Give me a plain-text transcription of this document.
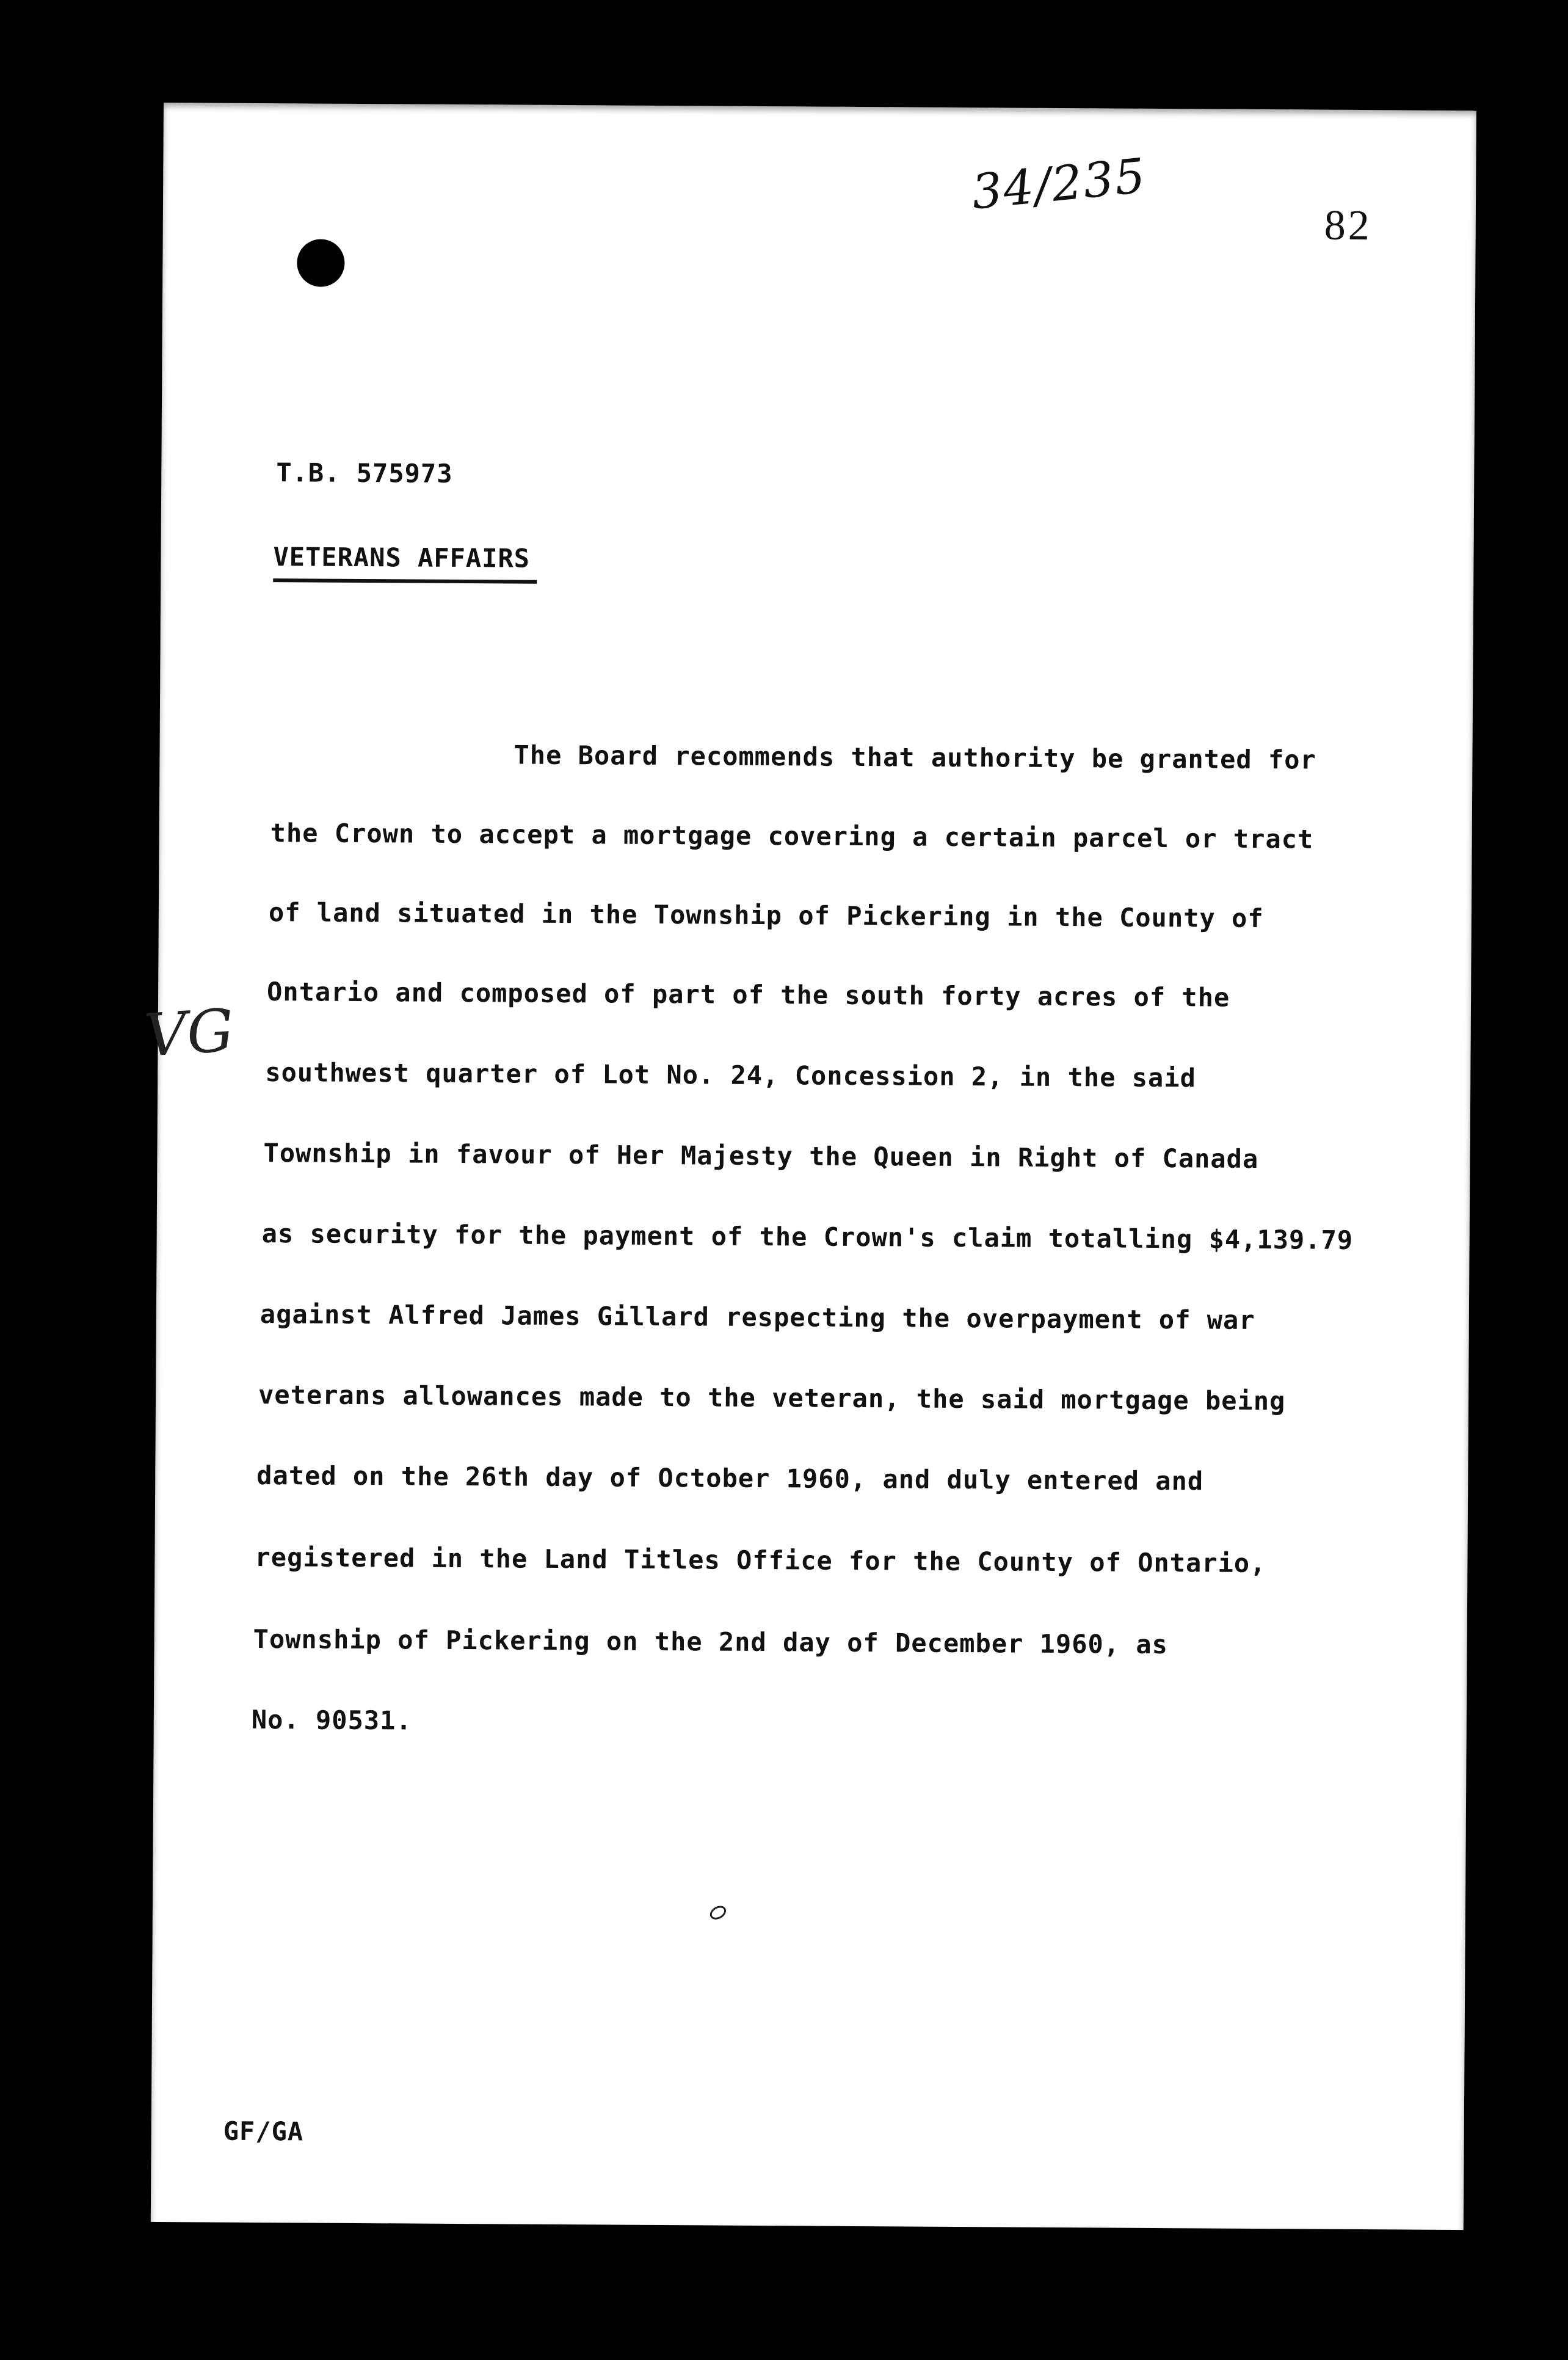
34/235
82
T.B. 575973
VETERANS AFFAIRS
The Board recommends that authority be granted for
the Crown to accept a mortgage covering a certain parcel or tract
of land situated in the Township of Pickering in the County of
Ontario and composed of part of the south forty acres of the
southwest quarter of Lot No. 24, Concession 2, in the said
Township in favour of Her Majesty the Queen in Right of Canada
as security for the payment of the Crown's claim totalling $4,139.79
against Alfred James Gillard respecting the overpayment of war
veterans allowances made to the veteran, the said mortgage being
dated on the 26th day of October 1960, and duly entered and
registered in the Land Titles Office for the County of Ontario,
Township of Pickering on the 2nd day of December 1960, as
No. 90531.
VG
GF/GA
